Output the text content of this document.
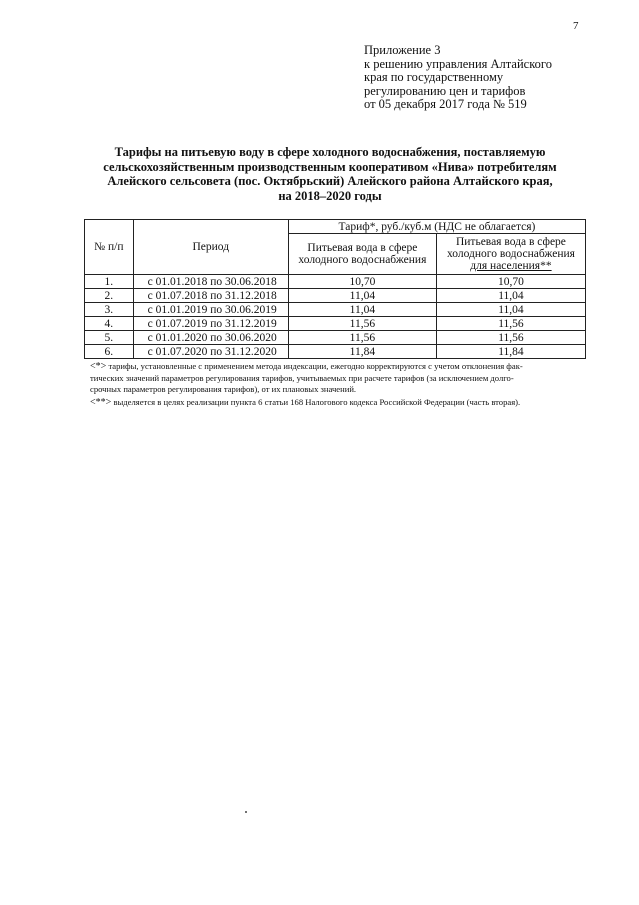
7
Приложение 3
к решению управления Алтайского
края по государственному
регулированию цен и тарифов
от 05 декабря 2017 года № 519
Тарифы на питьевую воду в сфере холодного водоснабжения, поставляемую
сельскохозяйственным производственным кооперативом «Нива» потребителям
Алейского сельсовета (пос. Октябрьский) Алейского района Алтайского края,
на 2018–2020 годы
№ п/п	Период	Тариф*, руб./куб.м (НДС не облагается)	
		Питьевая вода в сфере холодного водоснабжения	Питьевая вода в сфере
холодного водоснабжения
для населения**
1.	с 01.01.2018 по 30.06.2018	10,70	10,70
2.	с 01.07.2018 по 31.12.2018	11,04	11,04
3.	с 01.01.2019 по 30.06.2019	11,04	11,04
4.	с 01.07.2019 по 31.12.2019	11,56	11,56
5.	с 01.01.2020 по 30.06.2020	11,56	11,56
6.	с 01.07.2020 по 31.12.2020	11,84	11,84

<*> тарифы, установленные с применением метода индексации, ежегодно корректируются с учетом отклонения фак-
тических значений параметров регулирования тарифов, учитываемых при расчете тарифов (за исключением долго-
срочных параметров регулирования тарифов), от их плановых значений.

<**> выделяется в целях реализации пункта 6 статьи 168 Налогового кодекса Российской Федерации (часть вторая).
